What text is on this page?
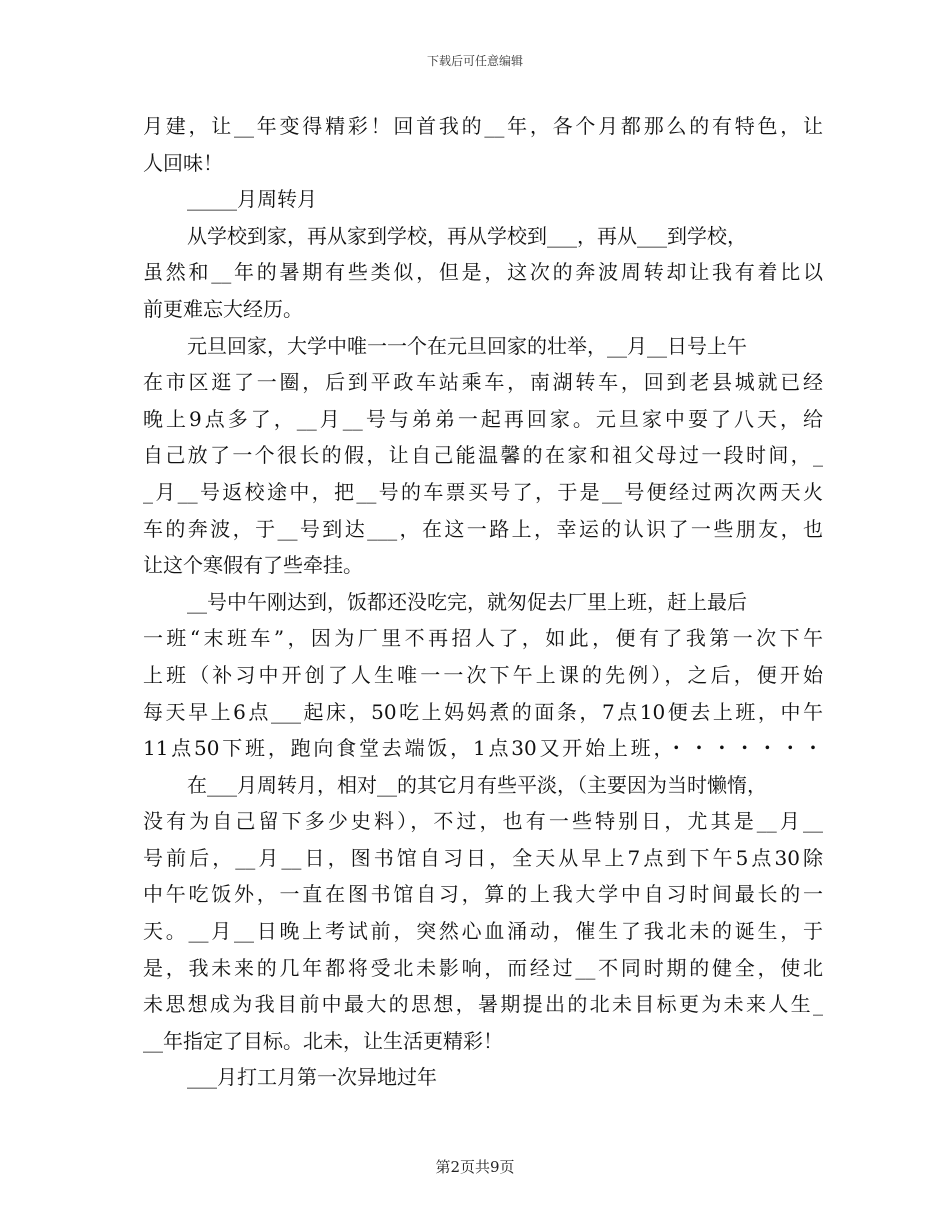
下载后可任意编辑
月建，让__年变得精彩！回首我的__年，各个月都那么的有特色，让
人回味！
_____月周转月
从学校到家，再从家到学校，再从学校到___，再从___到学校，
虽然和__年的暑期有些类似，但是，这次的奔波周转却让我有着比以
前更难忘大经历。
元旦回家，大学中唯一一个在元旦回家的壮举，__月__日号上午
在市区逛了一圈，后到平政车站乘车，南湖转车，回到老县城就已经
晚上9点多了，__月__号与弟弟一起再回家。元旦家中耍了八天，给
自己放了一个很长的假，让自己能温馨的在家和祖父母过一段时间，_
_月__号返校途中，把__号的车票买号了，于是__号便经过两次两天火
车的奔波，于__号到达___，在这一路上，幸运的认识了一些朋友，也
让这个寒假有了些牵挂。
__号中午刚达到，饭都还没吃完，就匆促去厂里上班，赶上最后
一班“末班车”，因为厂里不再招人了，如此，便有了我第一次下午
上班（补习中开创了人生唯一一次下午上课的先例），之后，便开始
每天早上6点___起床，50吃上妈妈煮的面条，7点10便去上班，中午
11点50下班，跑向食堂去端饭，1点30又开始上班，・・・・・・・
在___月周转月，相对__的其它月有些平淡，（主要因为当时懒惰，
没有为自己留下多少史料），不过，也有一些特别日，尤其是__月__
号前后，__月__日，图书馆自习日，全天从早上7点到下午5点30除
中午吃饭外，一直在图书馆自习，算的上我大学中自习时间最长的一
天。__月__日晚上考试前，突然心血涌动，催生了我北未的诞生，于
是，我未来的几年都将受北未影响，而经过__不同时期的健全，使北
未思想成为我目前中最大的思想，暑期提出的北未目标更为未来人生_
__年指定了目标。北未，让生活更精彩！
___月打工月第一次异地过年
第2页共9页
